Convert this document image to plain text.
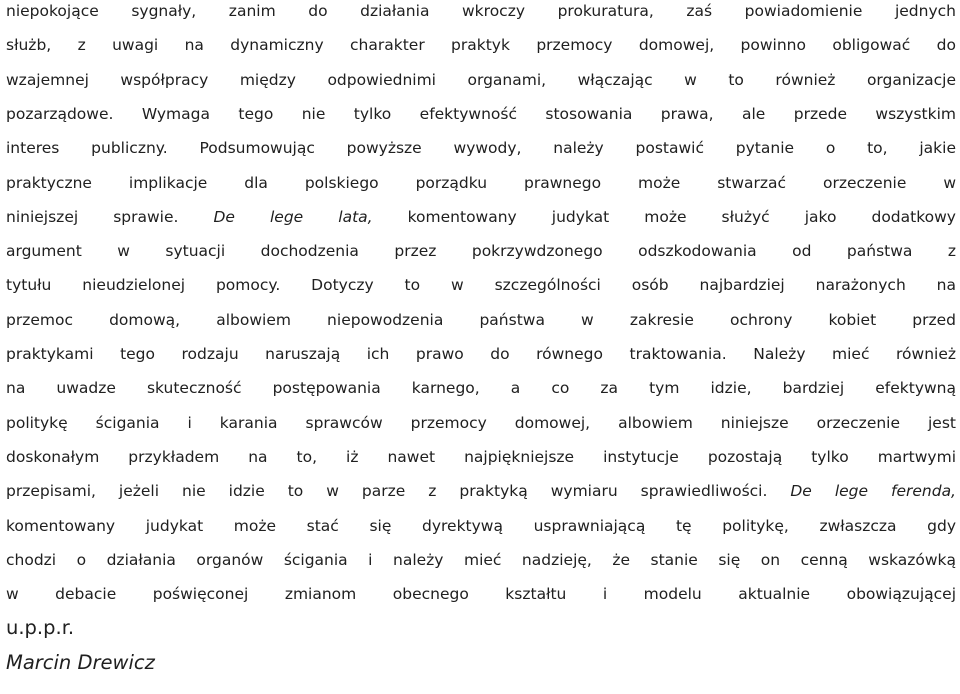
niepokojące sygnały, zanim do działania wkroczy prokuratura, zaś powiadomienie jednych
służb, z uwagi na dynamiczny charakter praktyk przemocy domowej, powinno obligować do
wzajemnej współpracy między odpowiednimi organami, włączając w to również organizacje
pozarządowe. Wymaga tego nie tylko efektywność stosowania prawa, ale przede wszystkim
interes publiczny. Podsumowując powyższe wywody, należy postawić pytanie o to, jakie
praktyczne implikacje dla polskiego porządku prawnego może stwarzać orzeczenie w
niniejszej sprawie. De lege lata, komentowany judykat może służyć jako dodatkowy
argument w sytuacji dochodzenia przez pokrzywdzonego odszkodowania od państwa z
tytułu nieudzielonej pomocy. Dotyczy to w szczególności osób najbardziej narażonych na
przemoc domową, albowiem niepowodzenia państwa w zakresie ochrony kobiet przed
praktykami tego rodzaju naruszają ich prawo do równego traktowania. Należy mieć również
na uwadze skuteczność postępowania karnego, a co za tym idzie, bardziej efektywną
politykę ścigania i karania sprawców przemocy domowej, albowiem niniejsze orzeczenie jest
doskonałym przykładem na to, iż nawet najpiękniejsze instytucje pozostają tylko martwymi
przepisami, jeżeli nie idzie to w parze z praktyką wymiaru sprawiedliwości. De lege ferenda,
komentowany judykat może stać się dyrektywą usprawniającą tę politykę, zwłaszcza gdy
chodzi o działania organów ścigania i należy mieć nadzieję, że stanie się on cenną wskazówką
w debacie poświęconej zmianom obecnego kształtu i modelu aktualnie obowiązującej
u.p.p.r.
Marcin Drewicz
